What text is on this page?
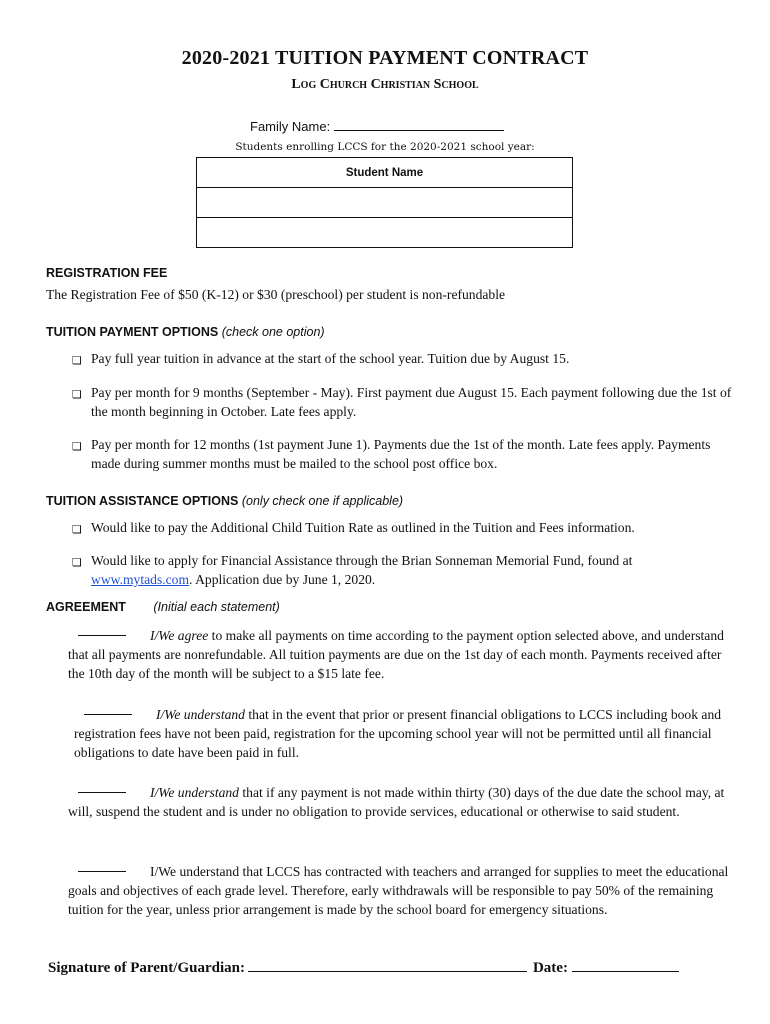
2020-2021 TUITION PAYMENT CONTRACT
Log Church Christian School
Family Name:
Students enrolling LCCS for the 2020-2021 school year:
Student Name

REGISTRATION FEE
The Registration Fee of $50 (K-12) or $30 (preschool) per student is non-refundable
TUITION PAYMENT OPTIONS (check one option)
❏ Pay full year tuition in advance at the start of the school year. Tuition due by August 15.
❏ Pay per month for 9 months (September - May). First payment due August 15. Each payment following due the 1st of the month beginning in October. Late fees apply.
❏ Pay per month for 12 months (1st payment June 1). Payments due the 1st of the month. Late fees apply. Payments made during summer months must be mailed to the school post office box.
TUITION ASSISTANCE OPTIONS (only check one if applicable)
❏ Would like to pay the Additional Child Tuition Rate as outlined in the Tuition and Fees information.
❏ Would like to apply for Financial Assistance through the Brian Sonneman Memorial Fund, found at www.mytads.com. Application due by June 1, 2020.
AGREEMENT (Initial each statement)
I/We agree to make all payments on time according to the payment option selected above, and understand that all payments are nonrefundable. All tuition payments are due on the 1st day of each month. Payments received after the 10th day of the month will be subject to a $15 late fee.
I/We understand that in the event that prior or present financial obligations to LCCS including book and registration fees have not been paid, registration for the upcoming school year will not be permitted until all financial obligations to date have been paid in full.
I/We understand that if any payment is not made within thirty (30) days of the due date the school may, at will, suspend the student and is under no obligation to provide services, educational or otherwise to said student.
I/We understand that LCCS has contracted with teachers and arranged for supplies to meet the educational goals and objectives of each grade level. Therefore, early withdrawals will be responsible to pay 50% of the remaining tuition for the year, unless prior arrangement is made by the school board for emergency situations.
Signature of Parent/Guardian:	Date:
